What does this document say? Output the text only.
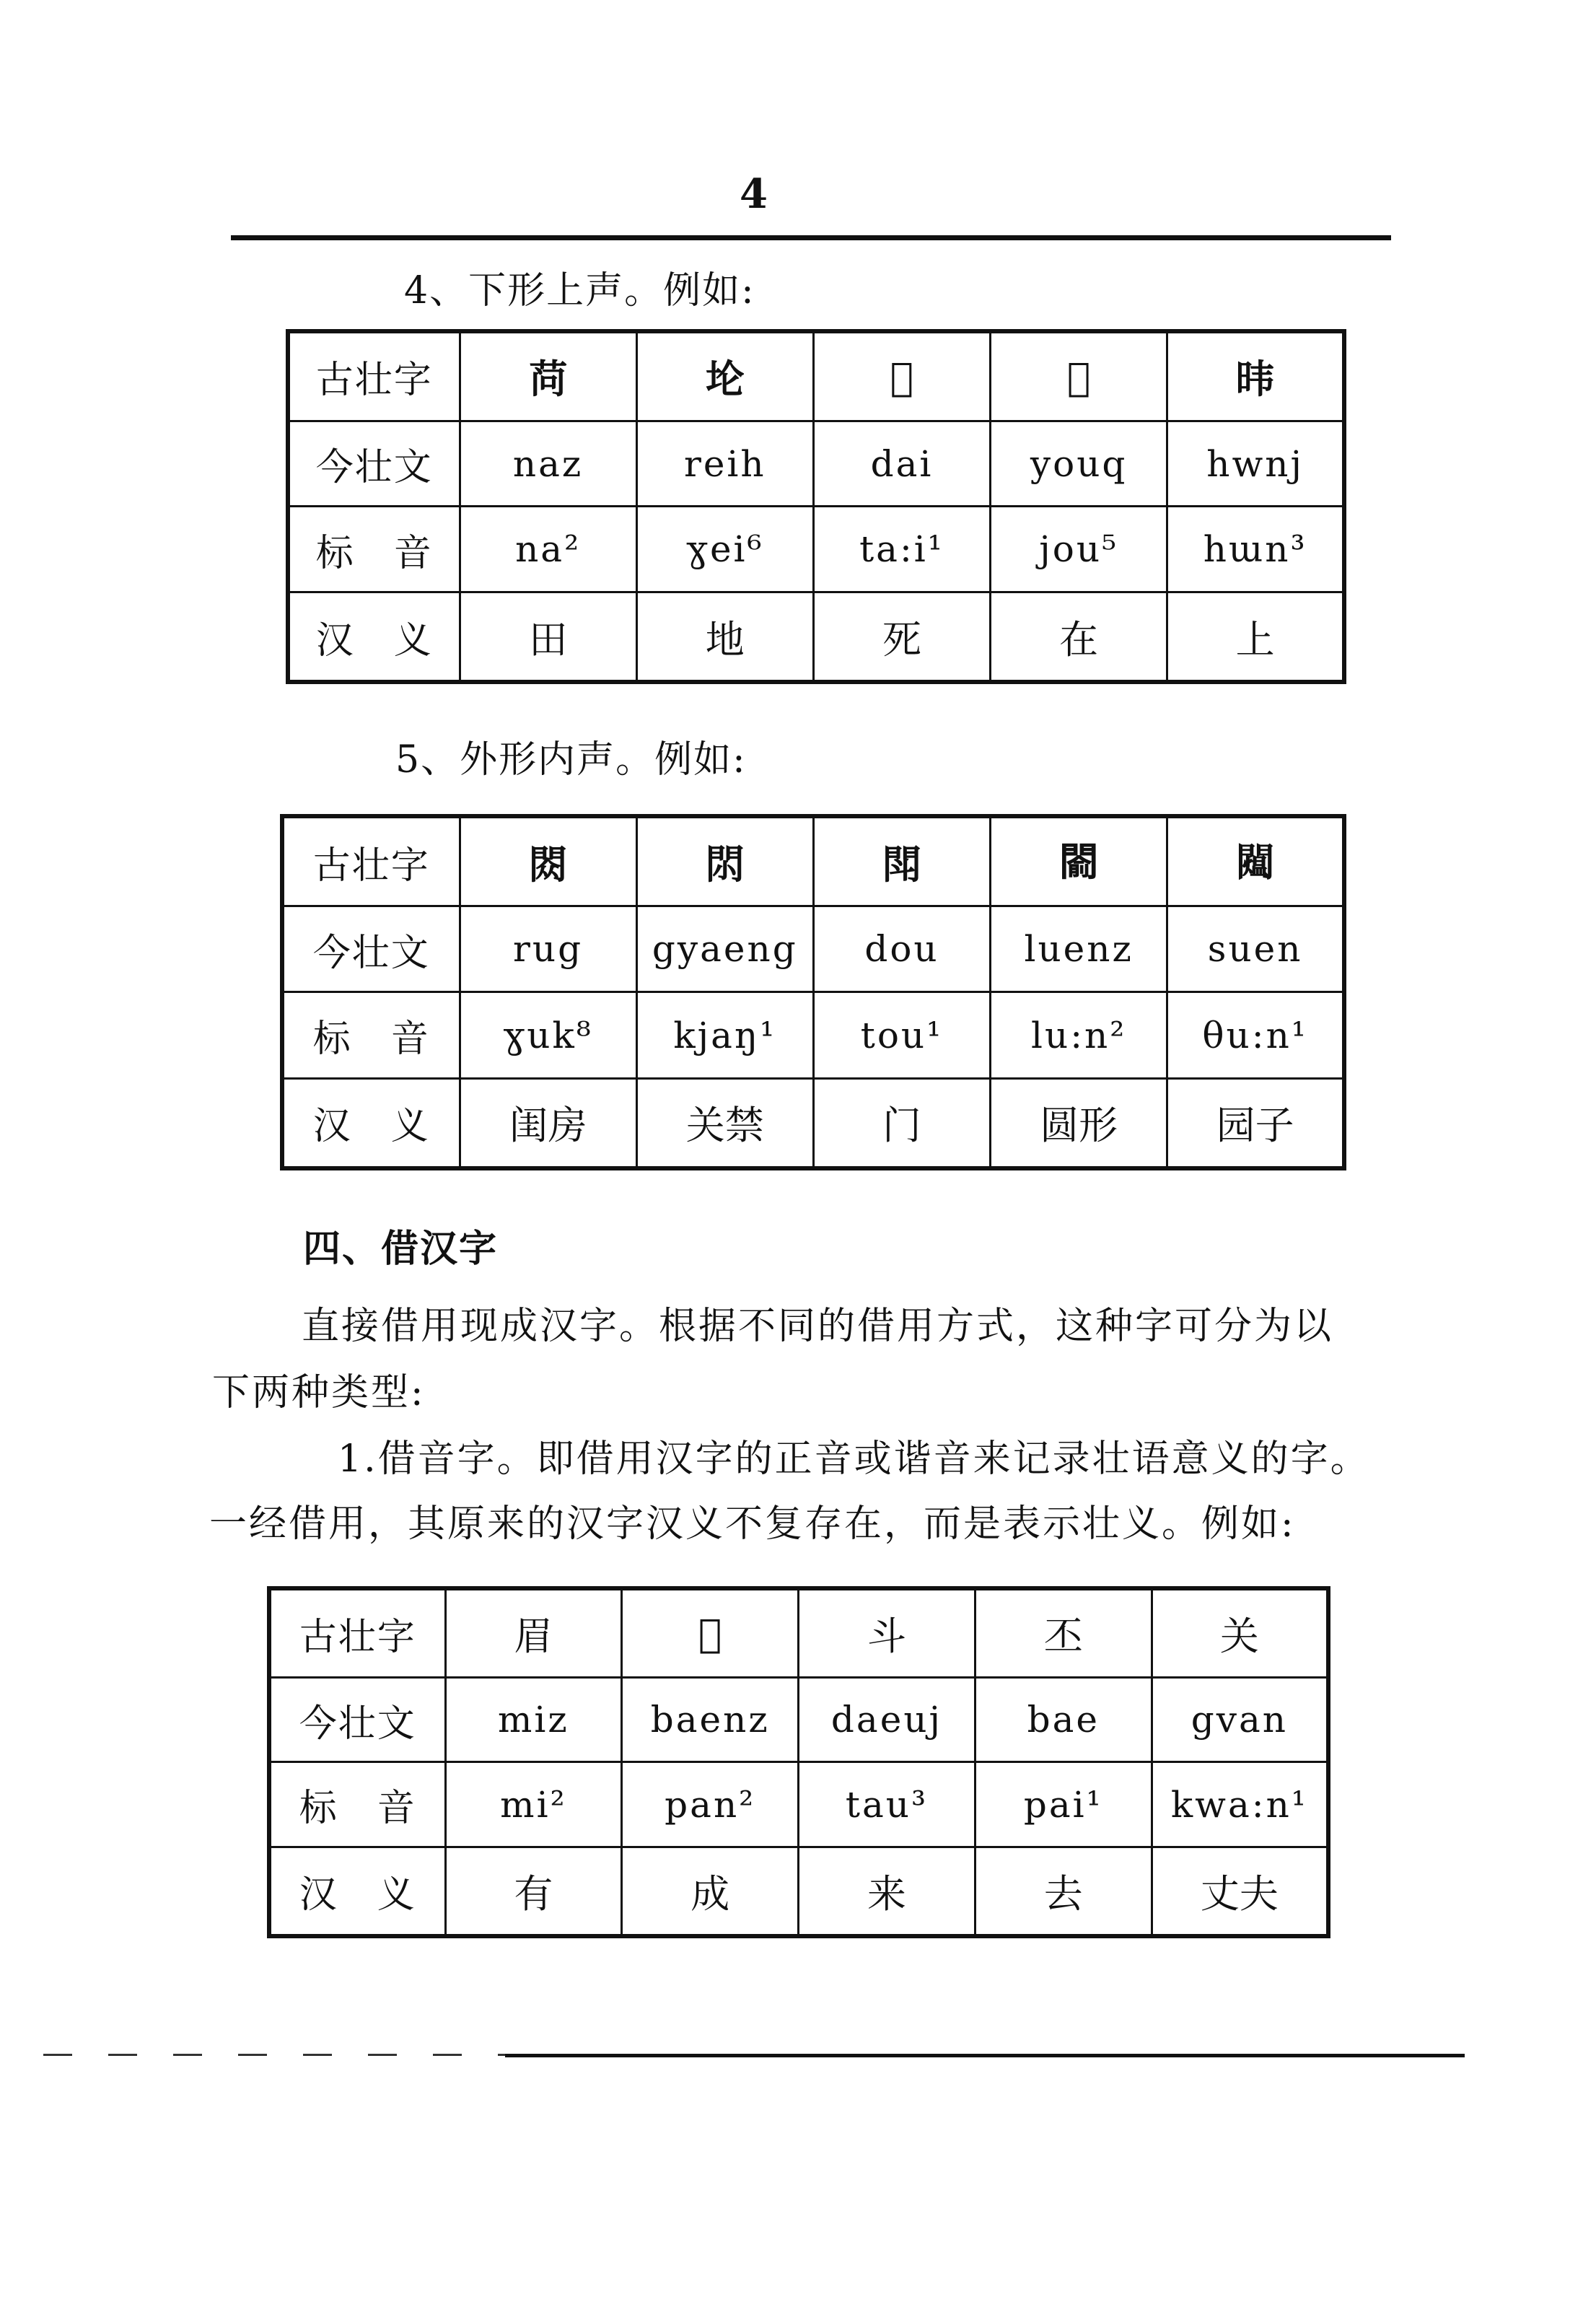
4
4、下形上声。例如:
古壮字	𬜬	𫭢	𬨞	𠀏	𬀩
今壮文	naz	reih	dai	youq	hwnj
标　音	na²	ɣei⁶	ta:i¹	jou⁵	hɯn³
汉　义	田	地	死	在	上
5、外形内声。例如:
古壮字	閦	𨳒	閗	𨵦	𨷐
今壮文	rug	gyaeng	dou	luenz	suen
标　音	ɣuk⁸	kjaŋ¹	tou¹	lu:n²	θu:n¹
汉　义	闺房	关禁	门	圆形	园子
四、借汉字
直接借用现成汉字。根据不同的借用方式，这种字可分为以
下两种类型:
1.借音字。即借用汉字的正音或谐音来记录壮语意义的字。
一经借用，其原来的汉字汉义不复存在，而是表示壮义。例如:
古壮字	眉	𦬶	斗	丕	关
今壮文	miz	baenz	daeuj	bae	gvan
标　音	mi²	pan²	tau³	pai¹	kwa:n¹
汉　义	有	成	来	去	丈夫
